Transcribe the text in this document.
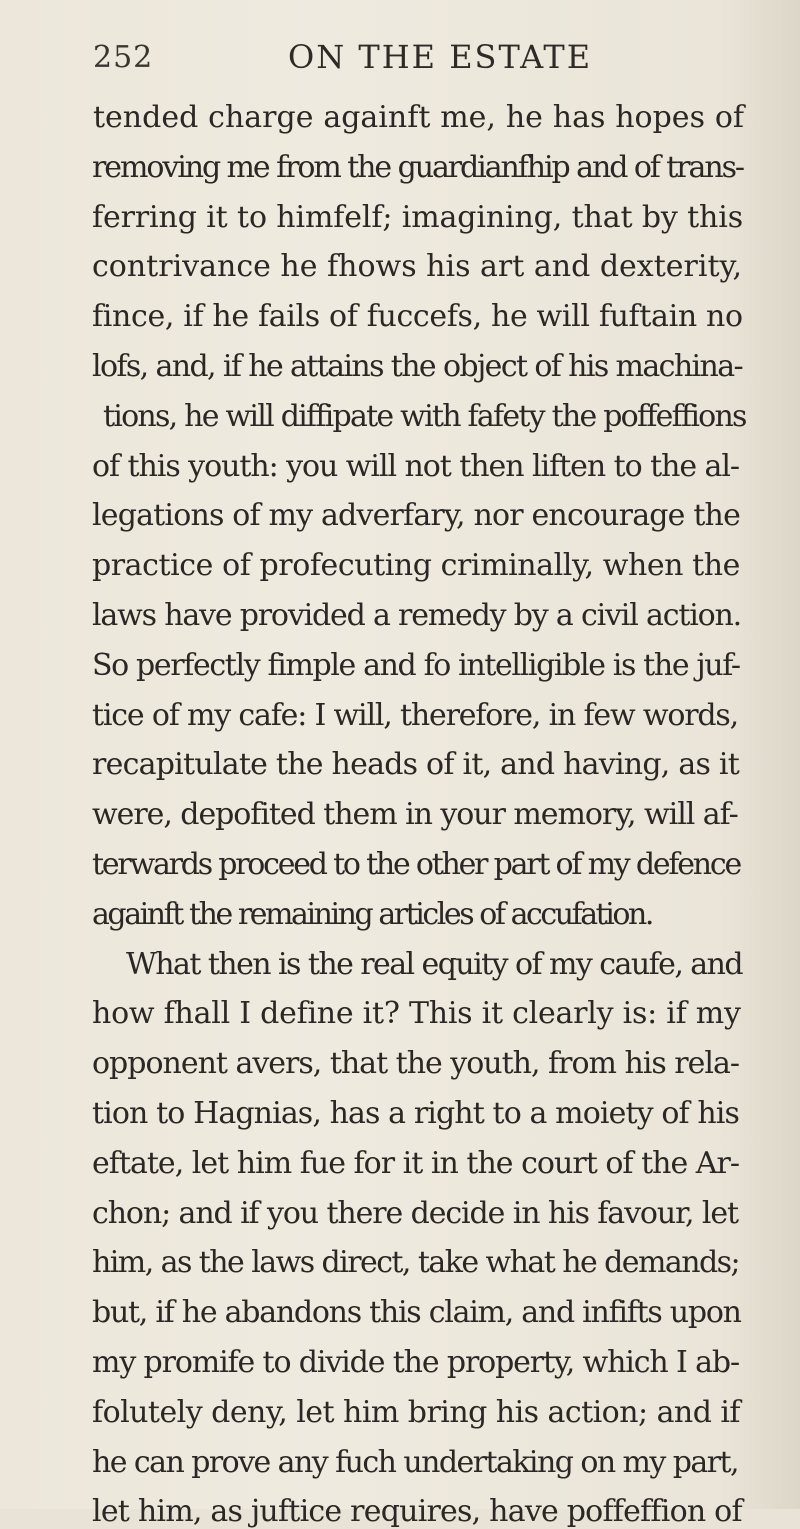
252	ON THE ESTATE
tended charge againft me, he has hopes of
removing me from the guardianfhip and of trans-
ferring it to himfelf; imagining, that by this
contrivance he fhows his art and dexterity,
fince, if he fails of fuccefs, he will fuftain no
lofs, and, if he attains the object of his machina-
tions, he will diffipate with fafety the poffeffions
of this youth: you will not then liften to the al-
legations of my adverfary, nor encourage the
practice of profecuting criminally, when the
laws have provided a remedy by a civil action.
So perfectly fimple and fo intelligible is the juf-
tice of my cafe: I will, therefore, in few words,
recapitulate the heads of it, and having, as it
were, depofited them in your memory, will af-
terwards proceed to the other part of my defence
againft the remaining articles of accufation.
What then is the real equity of my caufe, and
how fhall I define it? This it clearly is: if my
opponent avers, that the youth, from his rela-
tion to Hagnias, has a right to a moiety of his
eftate, let him fue for it in the court of the Ar-
chon; and if you there decide in his favour, let
him, as the laws direct, take what he demands;
but, if he abandons this claim, and infifts upon
my promife to divide the property, which I ab-
folutely deny, let him bring his action; and if
he can prove any fuch undertaking on my part,
let him, as juftice requires, have poffeffion of
